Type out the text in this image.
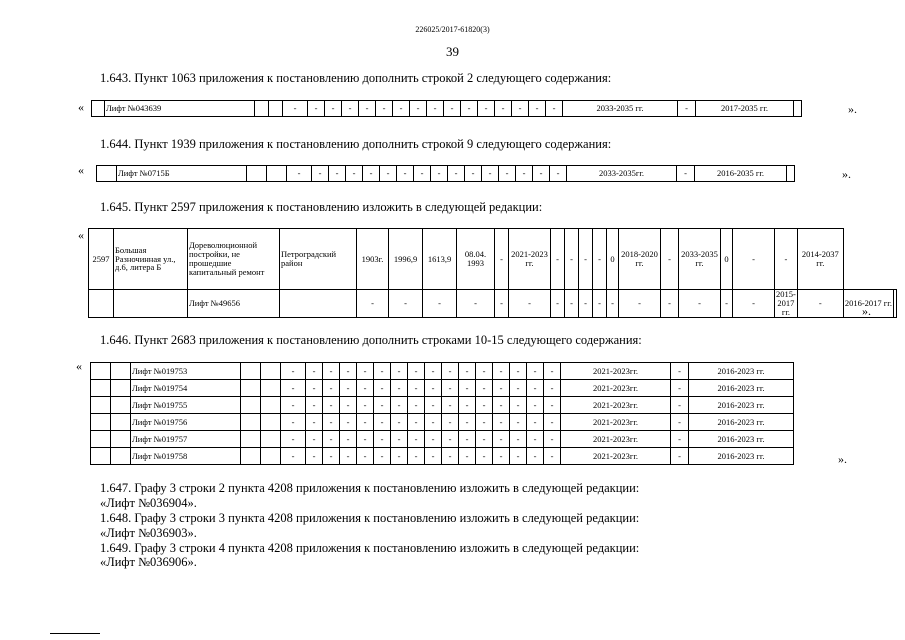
226025/2017-61820(3)
39
1.643. Пункт 1063 приложения к постановлению дополнить строкой 2 следующего содержания:
«
		Лифт №043639			-	-	-	-	-	-	-	-	-	-	-	-	-	-	-	-	2033-2035 гг.	-	2017-2035 гг.		».
1.644. Пункт 1939 приложения к постановлению дополнить строкой 9 следующего содержания:
«
		Лифт №0715Б			-	-	-	-	-	-	-	-	-	-	-	-	-	-	-	-	2033-2035гг.	-	2016-2035 гг.		».
1.645. Пункт 2597 приложения к постановлению изложить в следующей редакции:
«
2597	Большая Разночинная ул., д.6, литера Б	Дореволюционной постройки, не прошедшие капитальный ремонт	Петроградский район	1903г.	1996,9	1613,9	08.04. 1993	-	2021-2023 гг.	-	-	-	-	0	2018-2020 гг.	-	2033-2035 гг.	0	-	-	2014-2037 гг.		
		Лифт №49656		-	-	-	-	-	-	-	-	-	-	-	-	-	-	-	-	2015-2017 гг.	-	2016-2017 гг.	
».
1.646. Пункт 2683 приложения к постановлению дополнить строками 10-15 следующего содержания:
«
			Лифт №019753			-	-	-	-	-	-	-	-	-	-	-	-	-	-	-	-	2021-2023гг.	-	2016-2023 гг.
		Лифт №019754			-	-	-	-	-	-	-	-	-	-	-	-	-	-	-	-	2021-2023гг.	-	2016-2023 гг.
		Лифт №019755			-	-	-	-	-	-	-	-	-	-	-	-	-	-	-	-	2021-2023гг.	-	2016-2023 гг.
		Лифт №019756			-	-	-	-	-	-	-	-	-	-	-	-	-	-	-	-	2021-2023гг.	-	2016-2023 гг.
		Лифт №019757			-	-	-	-	-	-	-	-	-	-	-	-	-	-	-	-	2021-2023гг.	-	2016-2023 гг.
		Лифт №019758			-	-	-	-	-	-	-	-	-	-	-	-	-	-	-	-	2021-2023гг.	-	2016-2023 гг.	».
1.647. Графу 3 строки 2 пункта 4208 приложения к постановлению изложить в следующей редакции:
«Лифт №036904».
1.648. Графу 3 строки 3 пункта 4208 приложения к постановлению изложить в следующей редакции:
«Лифт №036903».
1.649. Графу 3 строки 4 пункта 4208 приложения к постановлению изложить в следующей редакции:
«Лифт №036906».
